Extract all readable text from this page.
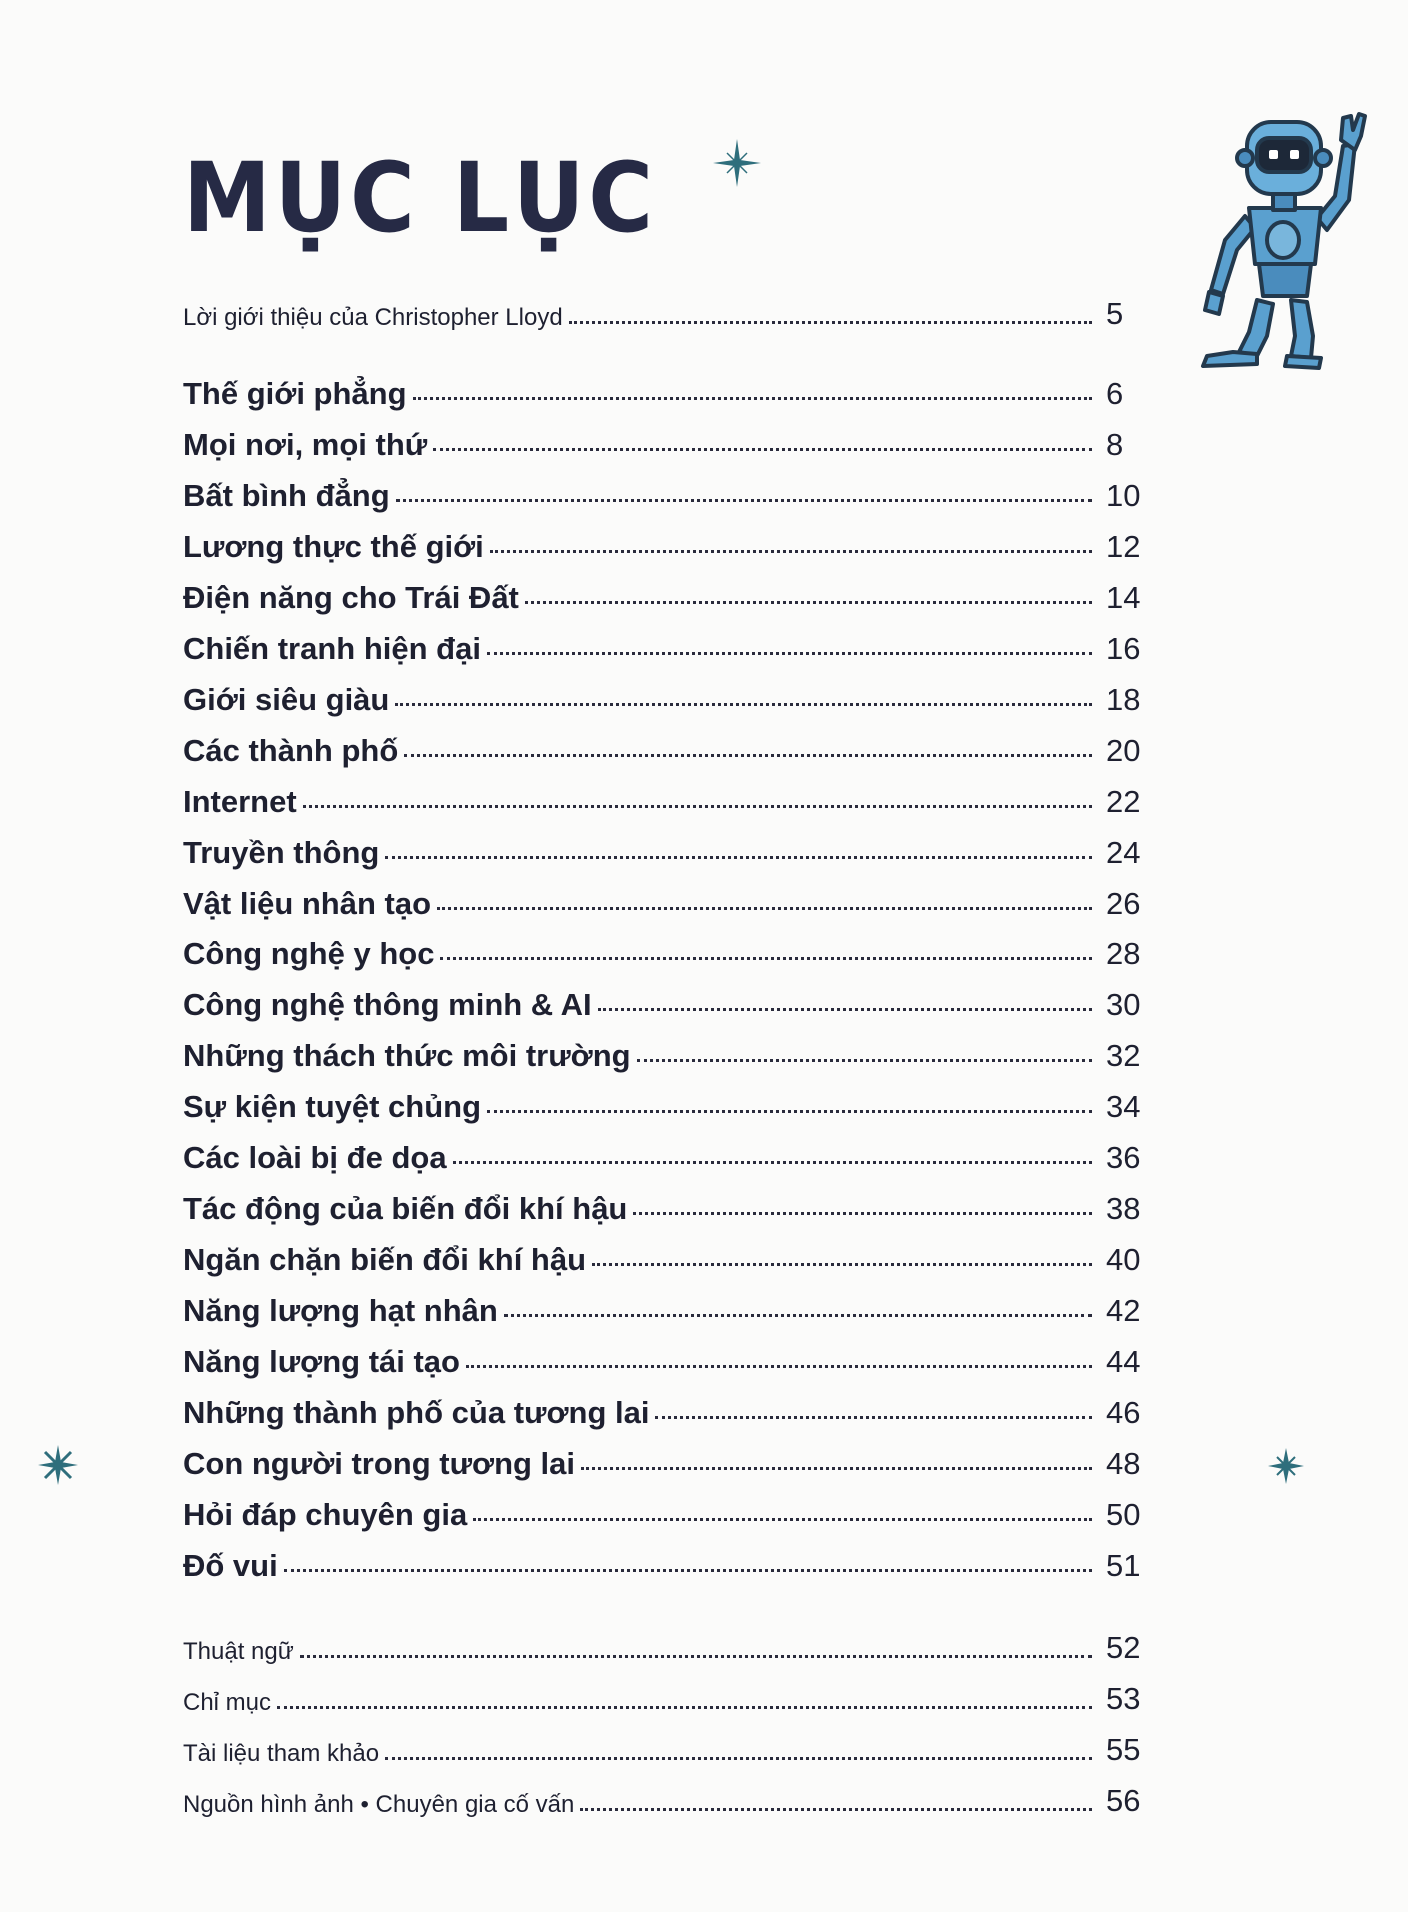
MỤC LỤC
Lời giới thiệu của Christopher Lloyd	5
Thế giới phẳng	6
Mọi nơi, mọi thứ	8
Bất bình đẳng	10
Lương thực thế giới	12
Điện năng cho Trái Đất	14
Chiến tranh hiện đại	16
Giới siêu giàu	18
Các thành phố	20
Internet	22
Truyền thông	24
Vật liệu nhân tạo	26
Công nghệ y học	28
Công nghệ thông minh & AI	30
Những thách thức môi trường	32
Sự kiện tuyệt chủng	34
Các loài bị đe dọa	36
Tác động của biến đổi khí hậu	38
Ngăn chặn biến đổi khí hậu	40
Năng lượng hạt nhân	42
Năng lượng tái tạo	44
Những thành phố của tương lai	46
Con người trong tương lai	48
Hỏi đáp chuyên gia	50
Đố vui	51
Thuật ngữ	52
Chỉ mục	53
Tài liệu tham khảo	55
Nguồn hình ảnh • Chuyên gia cố vấn	56
